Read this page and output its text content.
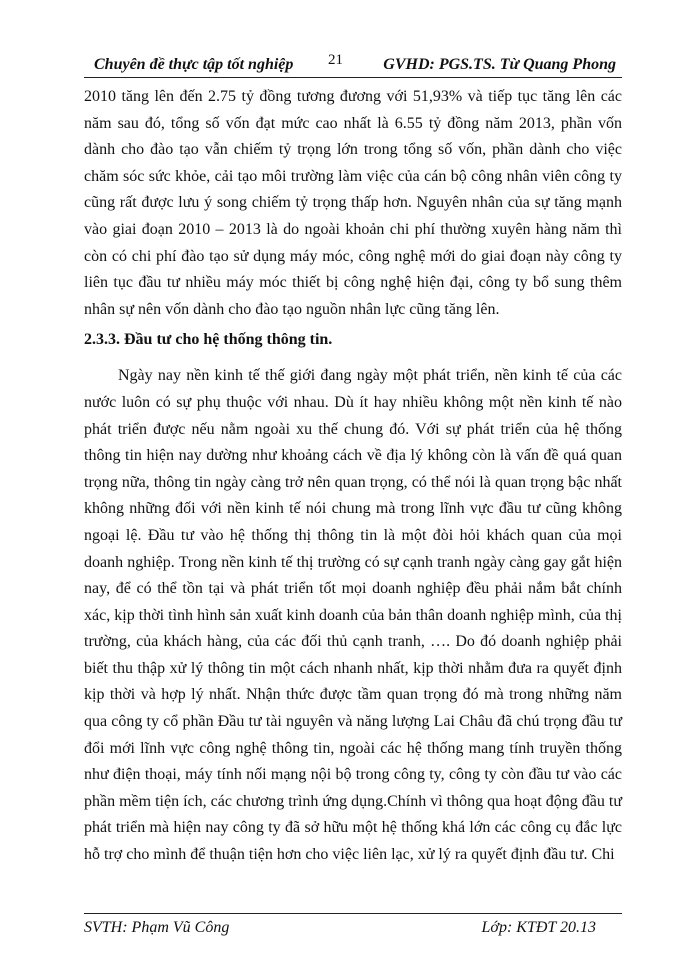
Chuyên đề thực tập tốt nghiệp 21	GVHD: PGS.TS. Từ Quang Phong

2010 tăng lên đến 2.75 tỷ đồng tương đương với 51,93% và tiếp tục tăng lên các năm sau đó, tổng số vốn đạt mức cao nhất là 6.55 tỷ đồng năm 2013, phần vốn dành cho đào tạo vẫn chiếm tỷ trọng lớn trong tổng số vốn, phần dành cho việc chăm sóc sức khỏe, cải tạo môi trường làm việc của cán bộ công nhân viên công ty cũng rất được lưu ý song chiếm tỷ trọng thấp hơn. Nguyên nhân của sự tăng mạnh vào giai đoạn 2010 – 2013 là do ngoài khoản chi phí thường xuyên hàng năm thì còn có chi phí đào tạo sử dụng máy móc, công nghệ mới do giai đoạn này công ty liên tục đầu tư nhiều máy móc thiết bị công nghệ hiện đại, công ty bổ sung thêm nhân sự nên vốn dành cho đào tạo nguồn nhân lực cũng tăng lên.

2.3.3. Đầu tư cho hệ thống thông tin.

Ngày nay nền kinh tế thế giới đang ngày một phát triển, nền kinh tế của các nước luôn có sự phụ thuộc với nhau. Dù ít hay nhiều không một nền kinh tế nào phát triển được nếu nằm ngoài xu thế chung đó. Với sự phát triển của hệ thống thông tin hiện nay dường như khoảng cách về địa lý không còn là vấn đề quá quan trọng nữa, thông tin ngày càng trở nên quan trọng, có thể nói là quan trọng bậc nhất không những đối với nền kinh tế nói chung mà trong lĩnh vực đầu tư cũng không ngoại lệ. Đầu tư vào hệ thống thị thông tin là một đòi hỏi khách quan của mọi doanh nghiệp. Trong nền kinh tế thị trường có sự cạnh tranh ngày càng gay gắt hiện nay, để có thể tồn tại và phát triển tốt mọi doanh nghiệp đều phải nắm bắt chính xác, kịp thời tình hình sản xuất kinh doanh của bản thân doanh nghiệp mình, của thị trường, của khách hàng, của các đối thủ cạnh tranh, …. Do đó doanh nghiệp phải biết thu thập xử lý thông tin một cách nhanh nhất, kịp thời nhằm đưa ra quyết định kịp thời và hợp lý nhất. Nhận thức được tầm quan trọng đó mà trong những năm qua công ty cổ phần Đầu tư tài nguyên và năng lượng Lai Châu đã chú trọng đầu tư đổi mới lĩnh vực công nghệ thông tin, ngoài các hệ thống mang tính truyền thống như điện thoại, máy tính nối mạng nội bộ trong công ty, công ty còn đầu tư vào các phần mềm tiện ích, các chương trình ứng dụng.Chính vì thông qua hoạt động đầu tư phát triển mà hiện nay công ty đã sở hữu một hệ thống khá lớn các công cụ đắc lực hỗ trợ cho mình để thuận tiện hơn cho việc liên lạc, xử lý ra quyết định đầu tư. Chi

SVTH: Phạm Vũ Công	Lớp: KTĐT 20.13
